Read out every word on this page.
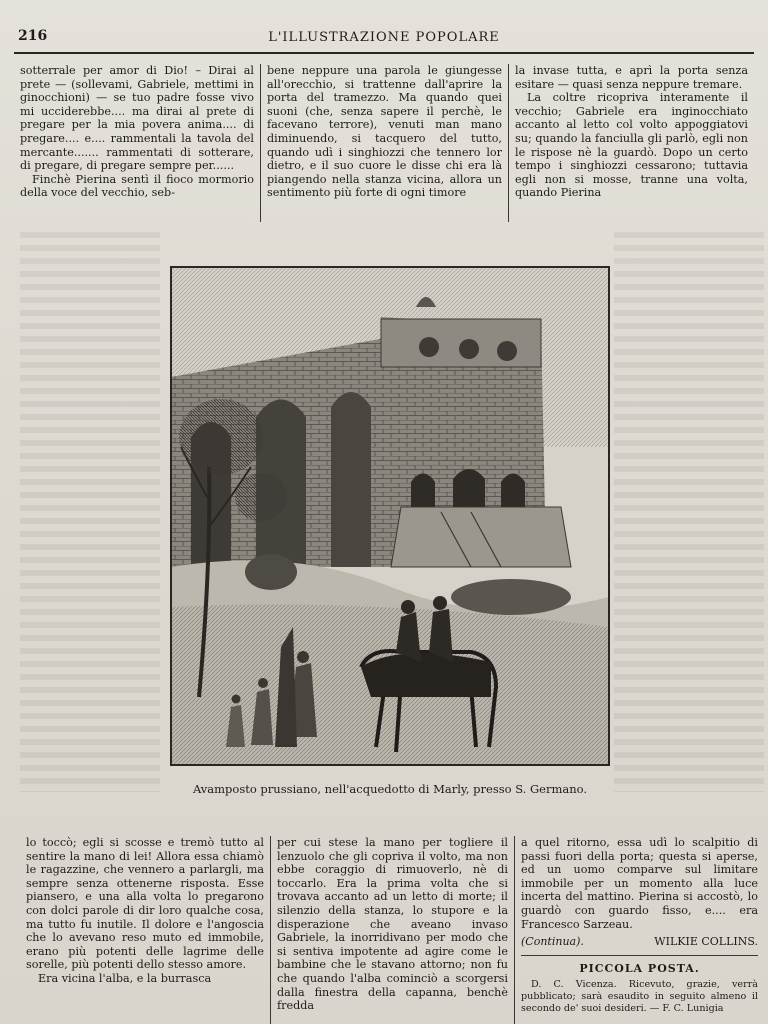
216	L'ILLUSTRAZIONE POPOLARE

sotterrale per amor di Dio! – Dirai al prete — (sollevami, Gabriele, mettimi in ginocchioni) — se tuo padre fosse vivo mi ucciderebbe.... ma dirai al prete di pregare per la mia povera anima.... di pregare.... e.... rammentali la tavola del mercante....... rammentati di sotterare, di pregare, di pregare sempre per......

Finchè Pierina sentì il fioco mormorio della voce del vecchio, seb-

bene neppure una parola le giungesse all'orecchio, si trattenne dall'aprire la porta del tramezzo. Ma quando quei suoni (che, senza sapere il perchè, le facevano terrore), venuti man mano diminuendo, si tacquero del tutto, quando udì i singhiozzi che tennero lor dietro, e il suo cuore le disse chi era là piangendo nella stanza vicina, allora un sentimento più forte di ogni timore

la invase tutta, e aprì la porta senza esitare — quasi senza neppure tremare.

La coltre ricopriva interamente il vecchio; Gabriele era inginocchiato accanto al letto col volto appoggiatovi su; quando la fanciulla gli parlò, egli non le rispose nè la guardò. Dopo un certo tempo i singhiozzi cessarono; tuttavia egli non si mosse, tranne una volta, quando Pierina

Avamposto prussiano, nell'acquedotto di Marly, presso S. Germano.

lo toccò; egli si scosse e tremò tutto al sentire la mano di lei! Allora essa chiamò le ragazzine, che vennero a parlargli, ma sempre senza ottenerne risposta. Esse piansero, e una alla volta lo pregarono con dolci parole di dir loro qualche cosa, ma tutto fu inutile. Il dolore e l'angoscia che lo avevano reso muto ed immobile, erano più potenti delle lagrime delle sorelle, più potenti dello stesso amore.

Era vicina l'alba, e la burrasca

per cui stese la mano per togliere il lenzuolo che gli copriva il volto, ma non ebbe coraggio di rimuoverlo, nè di toccarlo. Era la prima volta che si trovava accanto ad un letto di morte; il silenzio della stanza, lo stupore e la disperazione che aveano invaso Gabriele, la inorridivano per modo che si sentiva impotente ad agire come le bambine che le stavano attorno; non fu che quando l'alba cominciò a scorgersi dalla finestra della capanna, benchè fredda

a quel ritorno, essa udì lo scalpitio di passi fuori della porta; questa si aperse, ed un uomo comparve sul limitare immobile per un momento alla luce incerta del mattino. Pierina si accostò, lo guardò con guardo fisso, e.... era Francesco Sarzeau.

(Continua).	WILKIE COLLINS.
PICCOLA POSTA.
D. C. Vicenza. Ricevuto, grazie, verrà pubblicato; sarà esaudito in seguito almeno il secondo de' suoi desideri. — F. C. Lunigia
